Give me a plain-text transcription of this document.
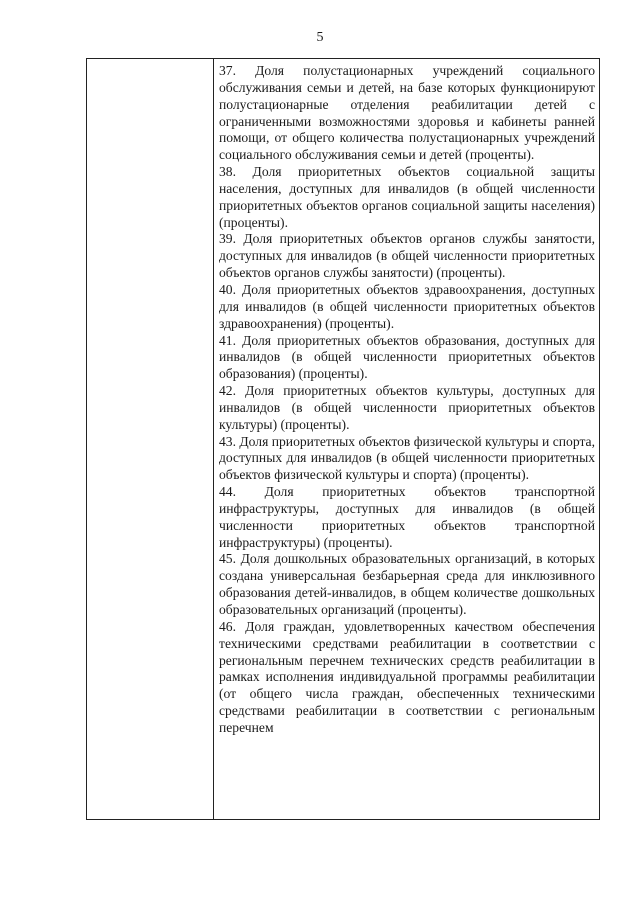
5

37. Доля полустационарных учреждений социального обслуживания семьи и детей, на базе которых функционируют полустационарные отделения реабилитации детей с ограниченными возможностями здоровья и кабинеты ранней помощи, от общего количества полустационарных учреждений социального обслуживания семьи и детей (проценты).

38. Доля приоритетных объектов социальной защиты населения, доступных для инвалидов (в общей численности приоритетных объектов органов социальной защиты населения) (проценты).

39. Доля приоритетных объектов органов службы занятости, доступных для инвалидов (в общей численности приоритетных объектов органов службы занятости) (проценты).

40. Доля приоритетных объектов здравоохранения, доступных для инвалидов (в общей численности приоритетных объектов здравоохранения) (проценты).

41. Доля приоритетных объектов образования, доступных для инвалидов (в общей численности приоритетных объектов образования) (проценты).

42. Доля приоритетных объектов культуры, доступных для инвалидов (в общей численности приоритетных объектов культуры) (проценты).

43. Доля приоритетных объектов физической культуры и спорта, доступных для инвалидов (в общей численности приоритетных объектов физической культуры и спорта) (проценты).

44. Доля приоритетных объектов транспортной инфраструктуры, доступных для инвалидов (в общей численности приоритетных объектов транспортной инфраструктуры) (проценты).

45. Доля дошкольных образовательных организаций, в которых создана универсальная безбарьерная среда для инклюзивного образования детей-инвалидов, в общем количестве дошкольных образовательных организаций (проценты).

46. Доля граждан, удовлетворенных качеством обеспечения техническими средствами реабилитации в соответствии с региональным перечнем технических средств реабилитации в рамках исполнения индивидуальной программы реабилитации (от общего числа граждан, обеспеченных техническими средствами реабилитации в соответствии с региональным перечнем
